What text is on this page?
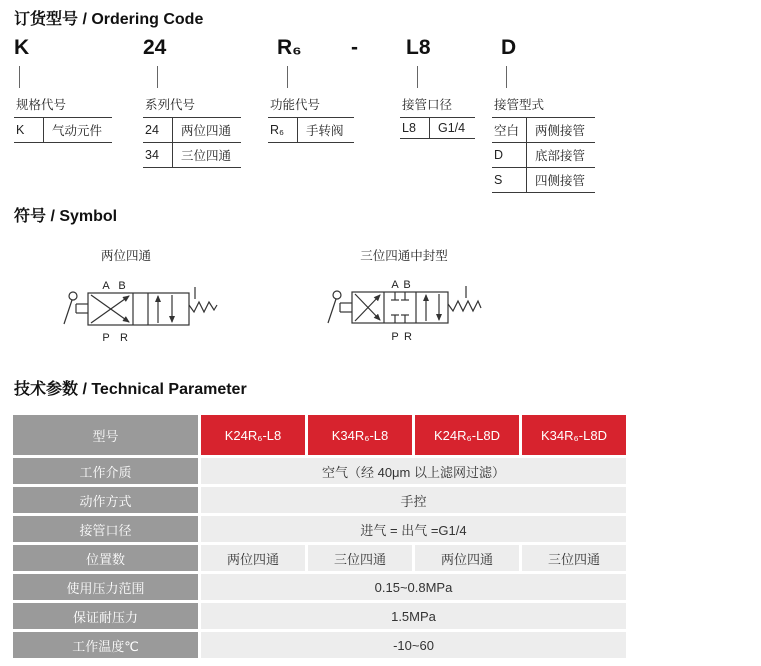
订货型号 / Ordering Code
K	24	R₆ - L8	D
规格代号
K	气动元件
系列代号
24	两位四通
34	三位四通
功能代号
R₆	手转阀
接管口径
L8	G1/4
接管型式
空白	两侧接管
D	底部接管
S	四侧接管
符号 / Symbol
两位四通
A B
P R
三位四通中封型
A B
P R
技术参数 / Technical Parameter
型号	K24R₆-L8	K34R₆-L8	K24R₆-L8D	K34R₆-L8D
工作介质	空气（经 40μm 以上滤网过滤）
动作方式	手控
接管口径	进气 = 出气 =G1/4
位置数	两位四通	三位四通	两位四通	三位四通
使用压力范围	0.15~0.8MPa
保证耐压力	1.5MPa
工作温度℃	-10~60
